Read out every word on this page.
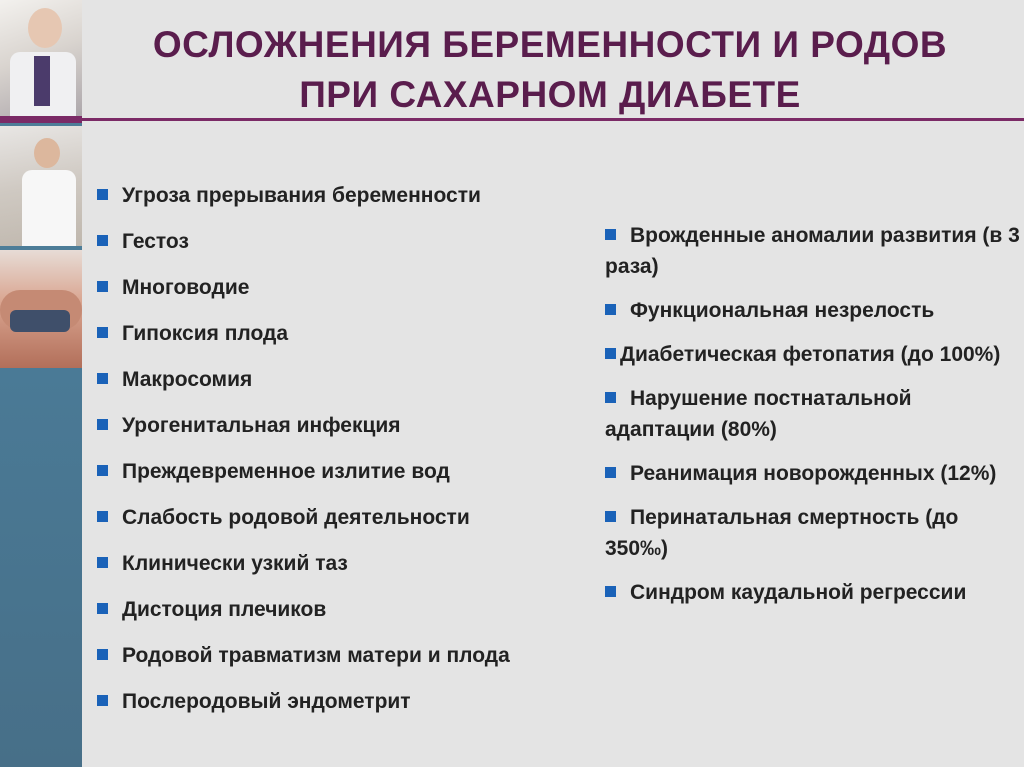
ОСЛОЖНЕНИЯ БЕРЕМЕННОСТИ И РОДОВ
ПРИ САХАРНОМ ДИАБЕТЕ
Угроза прерывания беременности
Гестоз
Многоводие
Гипоксия плода
Макросомия
Урогенитальная инфекция
Преждевременное излитие вод
Слабость родовой деятельности
Клинически узкий таз
Дистоция плечиков
Родовой травматизм матери и плода
Послеродовый эндометрит
Врожденные аномалии развития (в 3 раза)
Функциональная незрелость
Диабетическая фетопатия (до 100%)
Нарушение постнатальной адаптации (80%)
Реанимация новорожденных (12%)
Перинатальная смертность (до 350‰)
Синдром каудальной регрессии
